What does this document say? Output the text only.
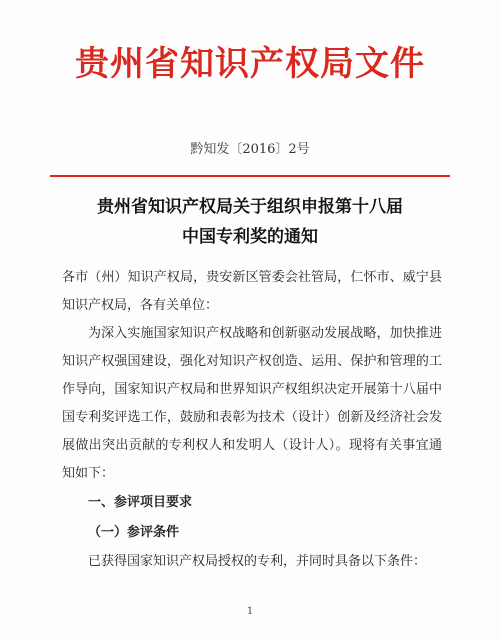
贵州省知识产权局文件
黔知发〔2016〕2号
贵州省知识产权局关于组织申报第十八届
中国专利奖的通知

各市（州）知识产权局，贵安新区管委会社管局，仁怀市、威宁县知识产权局，各有关单位：

为深入实施国家知识产权战略和创新驱动发展战略，加快推进知识产权强国建设，强化对知识产权创造、运用、保护和管理的工作导向，国家知识产权局和世界知识产权组织决定开展第十八届中国专利奖评选工作，鼓励和表彰为技术（设计）创新及经济社会发展做出突出贡献的专利权人和发明人（设计人）。现将有关事宜通知如下：

一、参评项目要求

（一）参评条件

已获得国家知识产权局授权的专利，并同时具备以下条件：

1
